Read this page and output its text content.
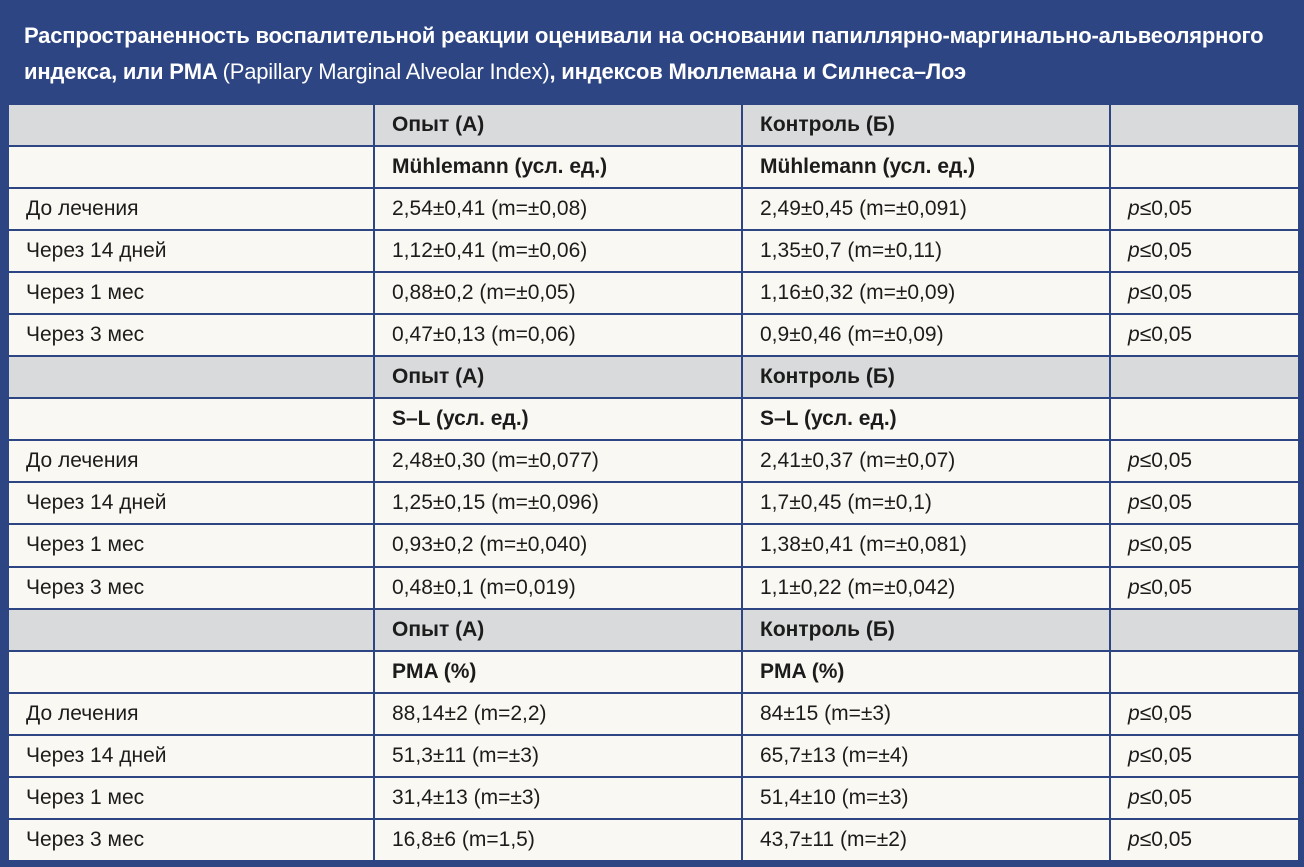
Распространенность воспалительной реакции оценивали на основании папиллярно-маргинально-альвеолярного индекса, или PMA (Papillary Marginal Alveolar Index), индексов Мюллемана и Силнеса–Лоэ
	Опыт (А)	Контроль (Б)	
	Mühlemann (усл. ед.)	Mühlemann (усл. ед.)	
До лечения	2,54±0,41 (m=±0,08)	2,49±0,45 (m=±0,091)	p≤0,05
Через 14 дней	1,12±0,41 (m=±0,06)	1,35±0,7 (m=±0,11)	p≤0,05
Через 1 мес	0,88±0,2 (m=±0,05)	1,16±0,32 (m=±0,09)	p≤0,05
Через 3 мес	0,47±0,13 (m=0,06)	0,9±0,46 (m=±0,09)	p≤0,05
	Опыт (А)	Контроль (Б)	
	S–L (усл. ед.)	S–L (усл. ед.)	
До лечения	2,48±0,30 (m=±0,077)	2,41±0,37 (m=±0,07)	p≤0,05
Через 14 дней	1,25±0,15 (m=±0,096)	1,7±0,45 (m=±0,1)	p≤0,05
Через 1 мес	0,93±0,2 (m=±0,040)	1,38±0,41 (m=±0,081)	p≤0,05
Через 3 мес	0,48±0,1 (m=0,019)	1,1±0,22 (m=±0,042)	p≤0,05
	Опыт (А)	Контроль (Б)	
	PMA (%)	PMA (%)	
До лечения	88,14±2 (m=2,2)	84±15 (m=±3)	p≤0,05
Через 14 дней	51,3±11 (m=±3)	65,7±13 (m=±4)	p≤0,05
Через 1 мес	31,4±13 (m=±3)	51,4±10 (m=±3)	p≤0,05
Через 3 мес	16,8±6 (m=1,5)	43,7±11 (m=±2)	p≤0,05
